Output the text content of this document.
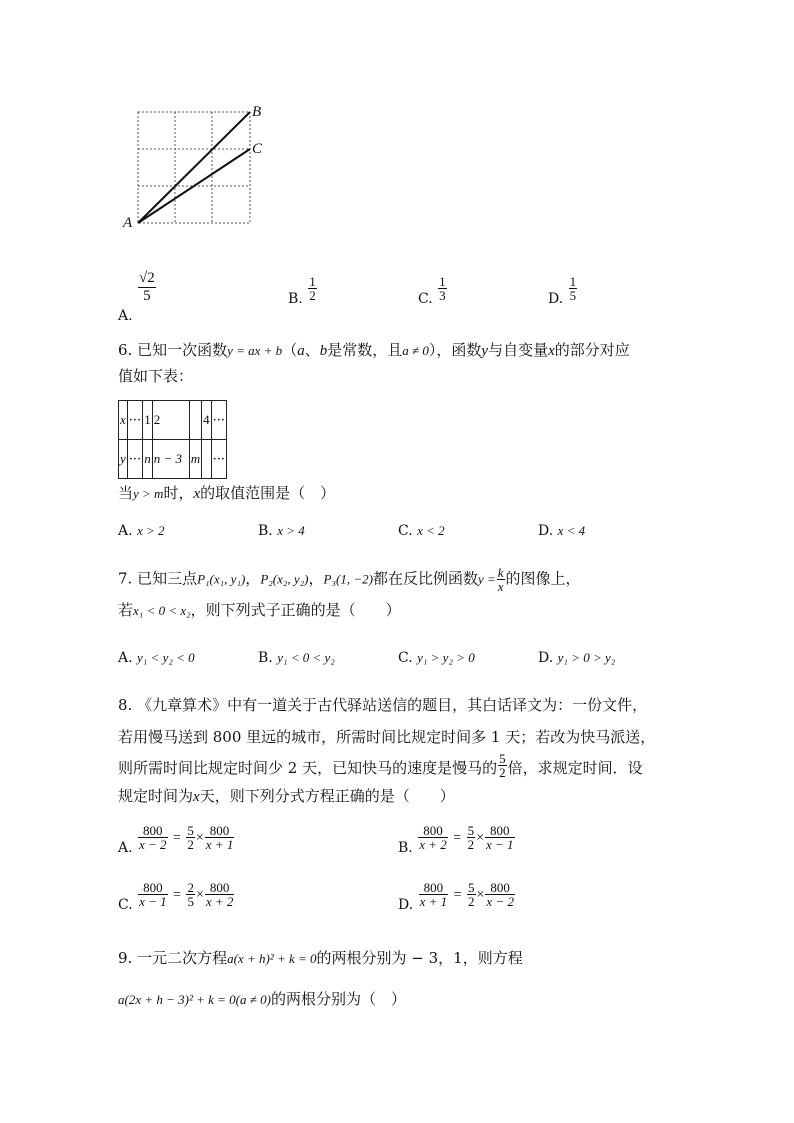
B
C
A
A.
$\frac{√2}{5}$	B. $\frac{1}{2}$	C. $\frac{1}{3}$	D. $\frac{1}{5}$
6. 已知一次函数y = ax + b（a、b是常数，且a ≠ 0），函数y与自变量x的部分对应
值如下表：
x	···	1	2		4	···
y	···	n	n − 3	m		···
当y > m时，x的取值范围是（　）
A. x > 2	B. x > 4	C. x < 2	D. x < 4
7. 已知三点P₁(x₁, y₁)，P₂(x₂, y₂)，P₃(1, −2)都在反比例函数$y = \frac{k}{x}$ 的图像上，
若x₁ < 0 < x₂，则下列式子正确的是（　　）
A. y₁ < y₂ < 0	B. y₁ < 0 < y₂	C. y₁ > y₂ > 0	D. y₁ > 0 > y₂
8. 《九章算术》中有一道关于古代驿站送信的题目，其白话译文为：一份文件，
若用慢马送到 800 里远的城市，所需时间比规定时间多 1 天；若改为快马派送，
则所需时间比规定时间少 2 天，已知快马的速度是慢马的 $\frac{5}{2}$ 倍，求规定时间．设
规定时间为x天，则下列分式方程正确的是（　　）
A. $\frac{800}{x - 2} = \frac{5}{2} \times \frac{800}{x + 1}$	B. $\frac{800}{x + 2} = \frac{5}{2} \times \frac{800}{x - 1}$
C. $\frac{800}{x - 1} = \frac{2}{5} \times \frac{800}{x + 2}$	D. $\frac{800}{x + 1} = \frac{5}{2} \times \frac{800}{x - 2}$
9. 一元二次方程a(x + h)² + k = 0的两根分别为 − 3，1，则方程
a(2x + h − 3)² + k = 0(a ≠ 0)的两根分别为（　）
